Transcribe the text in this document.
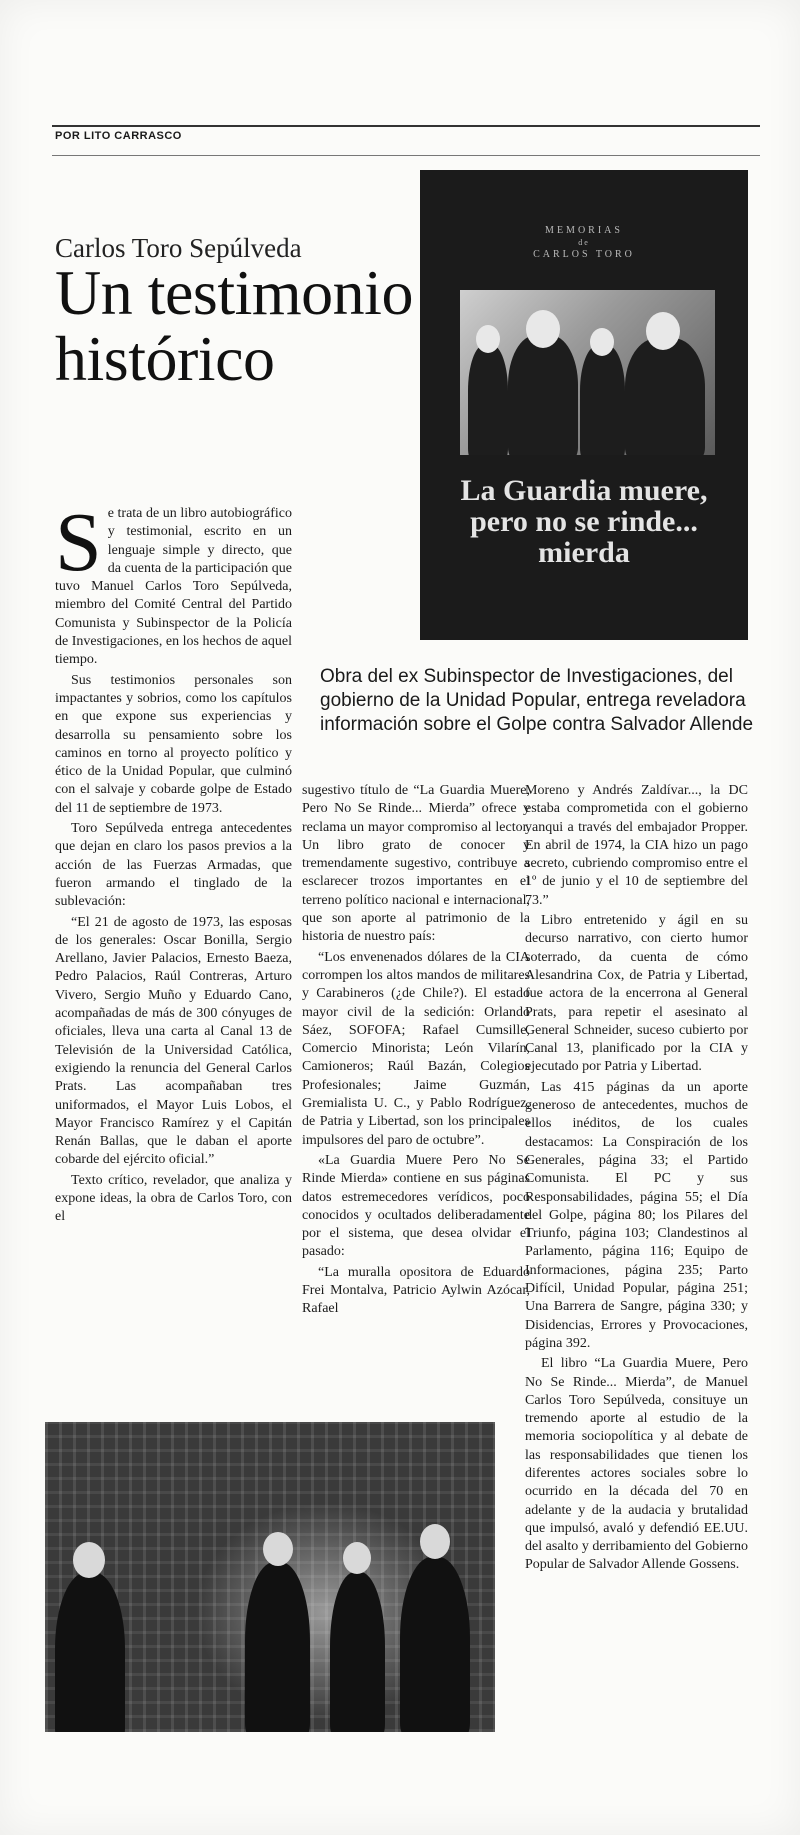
POR LITO CARRASCO
Carlos Toro Sepúlveda
Un testimonio histórico
MEMORIAS
de
CARLOS TORO
La Guardia muere, pero no se rinde... mierda
Obra del ex Subinspector de Investigaciones, del gobierno de la Unidad Popular, entrega reveladora información sobre el Golpe contra Salvador Allende

Se trata de un libro autobiográfico y testimonial, escrito en un lenguaje simple y directo, que da cuenta de la participación que tuvo Manuel Carlos Toro Sepúlveda, miembro del Comité Central del Partido Comunista y Subinspector de la Policía de Investigaciones, en los hechos de aquel tiempo.

Sus testimonios personales son impactantes y sobrios, como los capítulos en que expone sus experiencias y desarrolla su pensamiento sobre los caminos en torno al proyecto político y ético de la Unidad Popular, que culminó con el salvaje y cobarde golpe de Estado del 11 de septiembre de 1973.

Toro Sepúlveda entrega antecedentes que dejan en claro los pasos previos a la acción de las Fuerzas Armadas, que fueron armando el tinglado de la sublevación:

“El 21 de agosto de 1973, las esposas de los generales: Oscar Bonilla, Sergio Arellano, Javier Palacios, Ernesto Baeza, Pedro Palacios, Raúl Contreras, Arturo Vivero, Sergio Muño y Eduardo Cano, acompañadas de más de 300 cónyuges de oficiales, lleva una carta al Canal 13 de Televisión de la Universidad Católica, exigiendo la renuncia del General Carlos Prats. Las acompañaban tres uniformados, el Mayor Luis Lobos, el Mayor Francisco Ramírez y el Capitán Renán Ballas, que le daban el aporte cobarde del ejército oficial.”

Texto crítico, revelador, que analiza y expone ideas, la obra de Carlos Toro, con el

sugestivo título de “La Guardia Muere, Pero No Se Rinde... Mierda” ofrece y reclama un mayor compromiso al lector. Un libro grato de conocer y tremendamente sugestivo, contribuye a esclarecer trozos importantes en el terreno político nacional e internacional, que son aporte al patrimonio de la historia de nuestro país:

“Los envenenados dólares de la CIA corrompen los altos mandos de militares y Carabineros (¿de Chile?). El estado mayor civil de la sedición: Orlando Sáez, SOFOFA; Rafael Cumsille, Comercio Minorista; León Vilarín, Camioneros; Raúl Bazán, Colegios Profesionales; Jaime Guzmán, Gremialista U. C., y Pablo Rodríguez, de Patria y Libertad, son los principales impulsores del paro de octubre”.

«La Guardia Muere Pero No Se Rinde Mierda» contiene en sus páginas datos estremecedores verídicos, poco conocidos y ocultados deliberadamente por el sistema, que desea olvidar el pasado:

“La muralla opositora de Eduardo Frei Montalva, Patricio Aylwin Azócar, Rafael

Moreno y Andrés Zaldívar..., la DC estaba comprometida con el gobierno yanqui a través del embajador Propper. En abril de 1974, la CIA hizo un pago secreto, cubriendo compromiso entre el 1º de junio y el 10 de septiembre del 73.”

Libro entretenido y ágil en su decurso narrativo, con cierto humor soterrado, da cuenta de cómo Alesandrina Cox, de Patria y Libertad, fue actora de la encerrona al General Prats, para repetir el asesinato al General Schneider, suceso cubierto por Canal 13, planificado por la CIA y ejecutado por Patria y Libertad.

Las 415 páginas da un aporte generoso de antecedentes, muchos de ellos inéditos, de los cuales destacamos: La Conspiración de los Generales, página 33; el Partido Comunista. El PC y sus Responsabilidades, página 55; el Día del Golpe, página 80; los Pilares del Triunfo, página 103; Clandestinos al Parlamento, página 116; Equipo de Informaciones, página 235; Parto Difícil, Unidad Popular, página 251; Una Barrera de Sangre, página 330; y Disidencias, Errores y Provocaciones, página 392.

El libro “La Guardia Muere, Pero No Se Rinde... Mierda”, de Manuel Carlos Toro Sepúlveda, consituye un tremendo aporte al estudio de la memoria sociopolítica y al debate de las responsabilidades que tienen los diferentes actores sociales sobre lo ocurrido en la década del 70 en adelante y de la audacia y brutalidad que impulsó, avaló y defendió EE.UU. del asalto y derribamiento del Gobierno Popular de Salvador Allende Gossens.
